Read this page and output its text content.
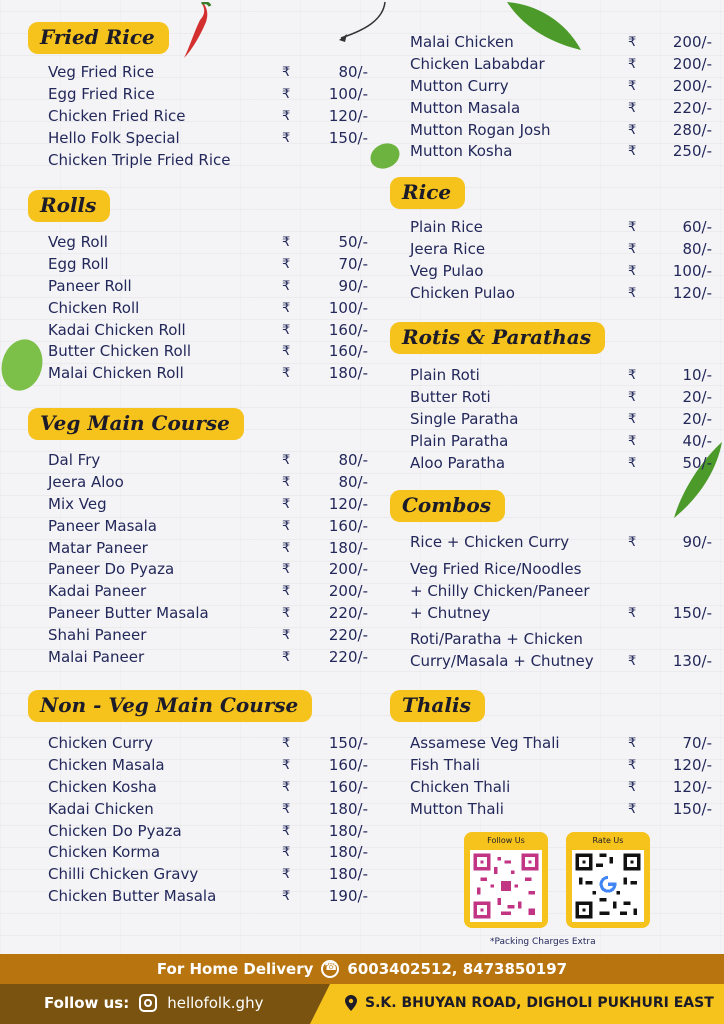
Fried Rice
Veg Fried Rice	₹	80/-
Egg Fried Rice	₹	100/-
Chicken Fried Rice	₹	120/-
Hello Folk Special	₹	150/-
Chicken Triple Fried Rice
Rolls
Veg Roll	₹	50/-
Egg Roll	₹	70/-
Paneer Roll	₹	90/-
Chicken Roll	₹	100/-
Kadai Chicken Roll	₹	160/-
Butter Chicken Roll	₹	160/-
Malai Chicken Roll	₹	180/-
Veg Main Course
Dal Fry	₹	80/-
Jeera Aloo	₹	80/-
Mix Veg	₹	120/-
Paneer Masala	₹	160/-
Matar Paneer	₹	180/-
Paneer Do Pyaza	₹	200/-
Kadai Paneer	₹	200/-
Paneer Butter Masala	₹	220/-
Shahi Paneer	₹	220/-
Malai Paneer	₹	220/-
Non - Veg Main Course
Chicken Curry	₹	150/-
Chicken Masala	₹	160/-
Chicken Kosha	₹	160/-
Kadai Chicken	₹	180/-
Chicken Do Pyaza	₹	180/-
Chicken Korma	₹	180/-
Chilli Chicken Gravy	₹	180/-
Chicken Butter Masala	₹	190/-
Malai Chicken	₹	200/-
Chicken Lababdar	₹	200/-
Mutton Curry	₹	200/-
Mutton Masala	₹	220/-
Mutton Rogan Josh	₹	280/-
Mutton Kosha	₹	250/-
Rice
Plain Rice	₹	60/-
Jeera Rice	₹	80/-
Veg Pulao	₹	100/-
Chicken Pulao	₹	120/-
Rotis & Parathas
Plain Roti	₹	10/-
Butter Roti	₹	20/-
Single Paratha	₹	20/-
Plain Paratha	₹	40/-
Aloo Paratha	₹	50/-
Combos
Rice + Chicken Curry	₹	90/-
Veg Fried Rice/Noodles
+ Chilly Chicken/Paneer
+ Chutney	₹	150/-
Roti/Paratha + Chicken
Curry/Masala + Chutney	₹	130/-
Thalis
Assamese Veg Thali	₹	70/-
Fish Thali	₹	120/-
Chicken Thali	₹	120/-
Mutton Thali	₹	150/-
Follow Us	Rate Us
*Packing Charges Extra
For Home Delivery
☎ 6003402512, 8473850197
Follow us:	hellofolk.ghy	S.K. BHUYAN ROAD, DIGHOLI PUKHURI EAST
